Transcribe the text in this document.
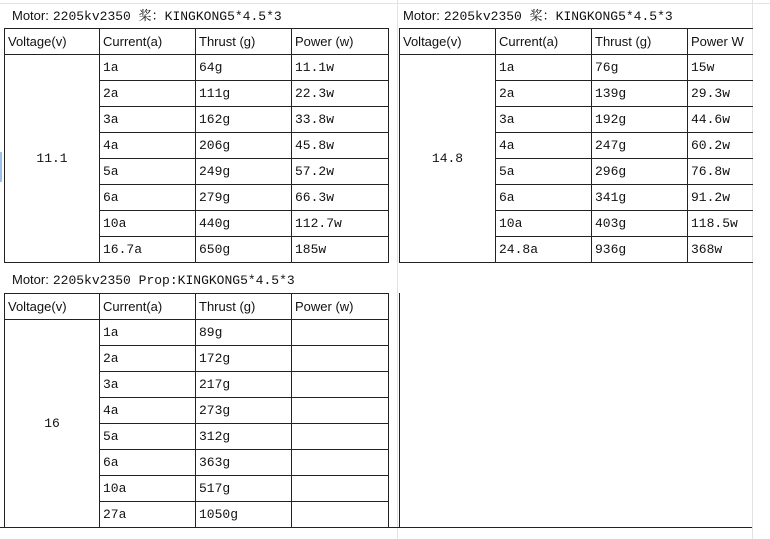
Motor: 2205kv2350 桨：KINGKONG5*4.5*3
Voltage(v)	Current(a)	Thrust (g)	Power (w)
11.1	1a	64g	11.1w
	2a	111g	22.3w
	3a	162g	33.8w
	4a	206g	45.8w
	5a	249g	57.2w
	6a	279g	66.3w
	10a	440g	112.7w
	16.7a	650g	185w
Motor: 2205kv2350 桨：KINGKONG5*4.5*3
Voltage(v)	Current(a)	Thrust (g)	Power W
14.8	1a	76g	15w
	2a	139g	29.3w
	3a	192g	44.6w
	4a	247g	60.2w
	5a	296g	76.8w
	6a	341g	91.2w
	10a	403g	118.5w
	24.8a	936g	368w
Motor: 2205kv2350 Prop:KINGKONG5*4.5*3
Voltage(v)	Current(a)	Thrust (g)	Power (w)
16	1a	89g	
	2a	172g	
	3a	217g	
	4a	273g	
	5a	312g	
	6a	363g	
	10a	517g	
	27a	1050g	
